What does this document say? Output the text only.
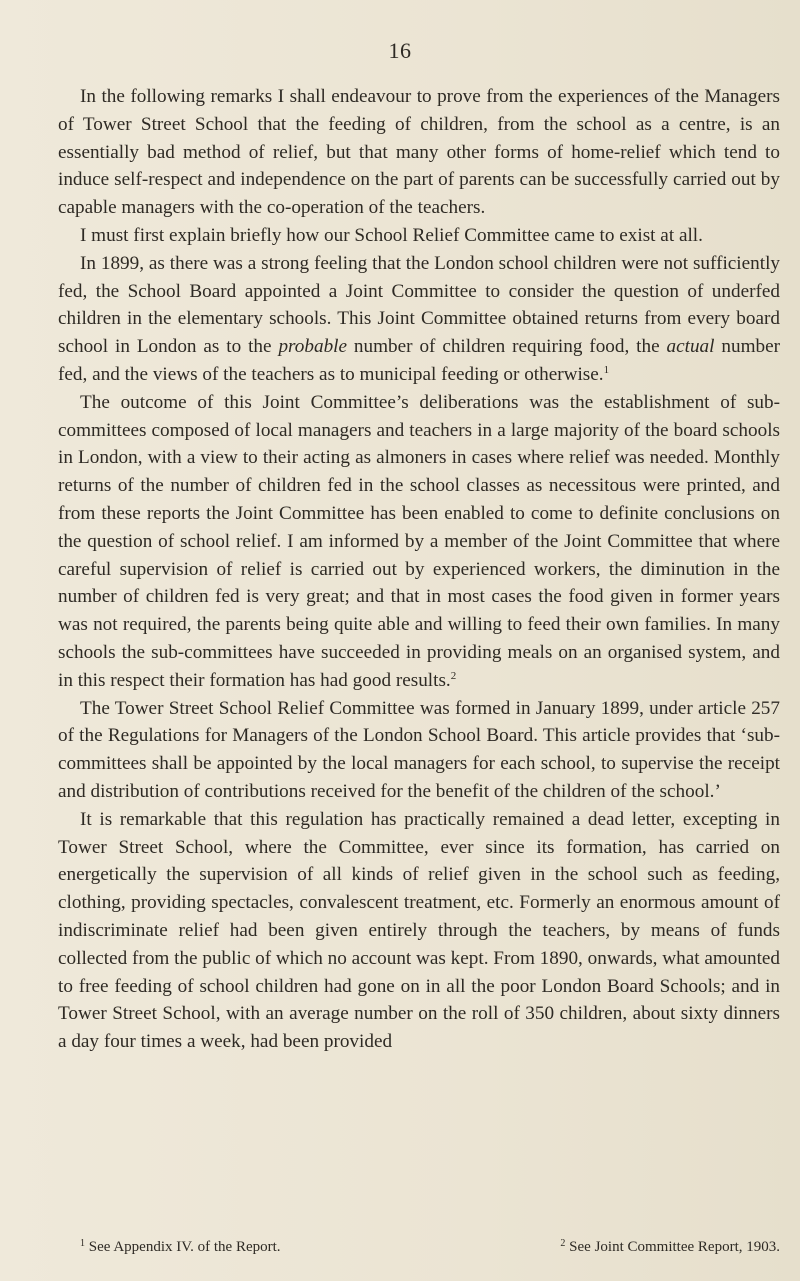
16

In the following remarks I shall endeavour to prove from the experiences of the Managers of Tower Street School that the feeding of children, from the school as a centre, is an essentially bad method of relief, but that many other forms of home-relief which tend to induce self-respect and independence on the part of parents can be successfully carried out by capable managers with the co-operation of the teachers.

I must first explain briefly how our School Relief Committee came to exist at all.

In 1899, as there was a strong feeling that the London school children were not sufficiently fed, the School Board appointed a Joint Committee to consider the question of underfed children in the elementary schools. This Joint Committee obtained returns from every board school in London as to the probable number of children requiring food, the actual number fed, and the views of the teachers as to municipal feeding or otherwise.$^1$

The outcome of this Joint Committee’s deliberations was the establishment of sub-committees composed of local managers and teachers in a large majority of the board schools in London, with a view to their acting as almoners in cases where relief was needed. Monthly returns of the number of children fed in the school classes as necessitous were printed, and from these reports the Joint Committee has been enabled to come to definite conclusions on the question of school relief. I am informed by a member of the Joint Committee that where careful supervision of relief is carried out by experienced workers, the diminution in the number of children fed is very great; and that in most cases the food given in former years was not required, the parents being quite able and willing to feed their own families. In many schools the sub-committees have succeeded in providing meals on an organised system, and in this respect their formation has had good results.$^2$

The Tower Street School Relief Committee was formed in January 1899, under article 257 of the Regulations for Managers of the London School Board. This article provides that ‘sub-committees shall be appointed by the local managers for each school, to supervise the receipt and distribution of contributions received for the benefit of the children of the school.’

It is remarkable that this regulation has practically remained a dead letter, excepting in Tower Street School, where the Committee, ever since its formation, has carried on energetically the supervision of all kinds of relief given in the school such as feeding, clothing, providing spectacles, convalescent treatment, etc. Formerly an enormous amount of indiscriminate relief had been given entirely through the teachers, by means of funds collected from the public of which no account was kept. From 1890, onwards, what amounted to free feeding of school children had gone on in all the poor London Board Schools; and in Tower Street School, with an average number on the roll of 350 children, about sixty dinners a day four times a week, had been provided

$^1$ See Appendix IV. of the Report.	$^2$ See Joint Committee Report, 1903.
